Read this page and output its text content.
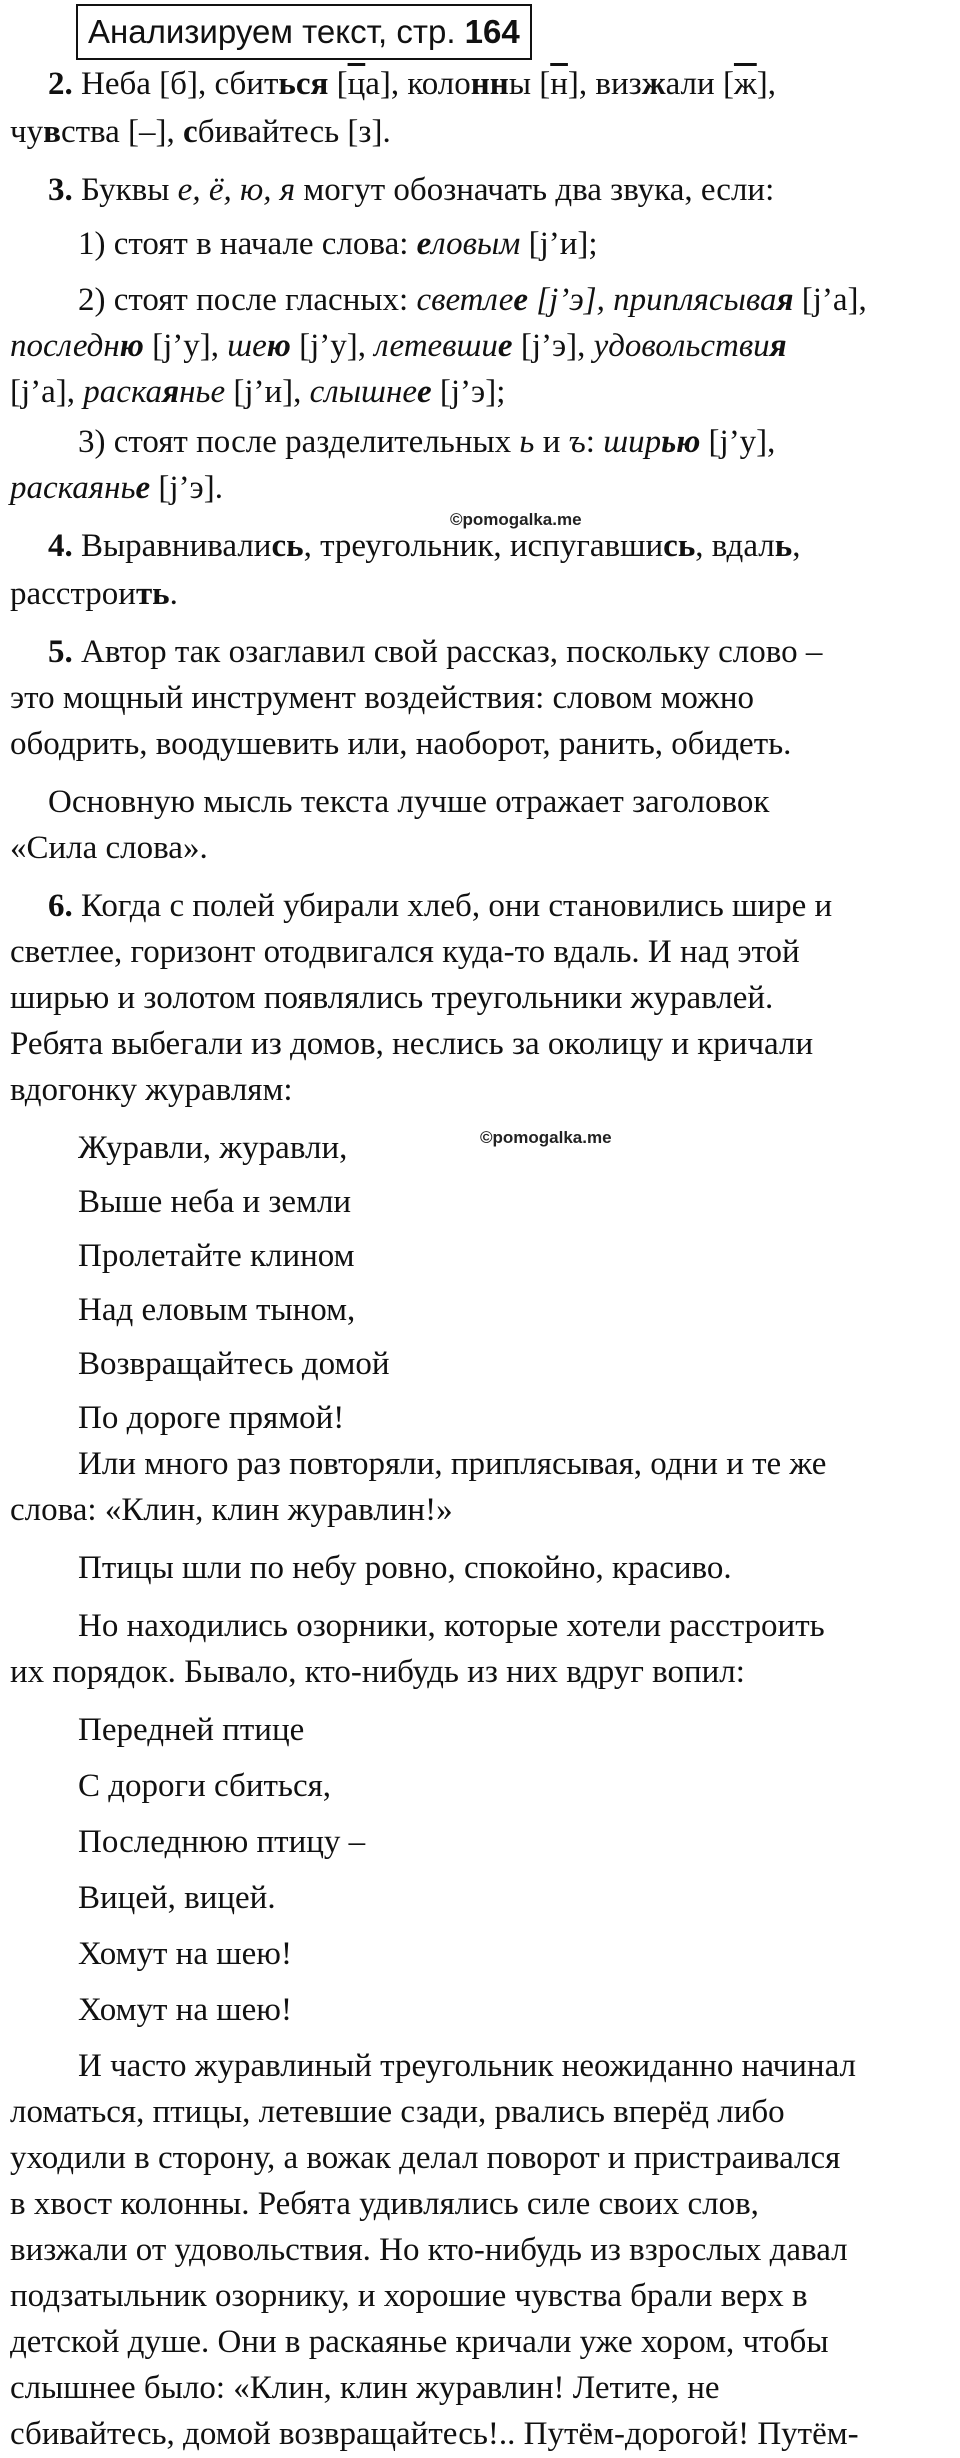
Анализируем текст, стр. 164
2. Неба [б], сбиться [ца], колонны [н], визжали [ж],
чувства [–], сбивайтесь [з].
3. Буквы е, ё, ю, я могут обозначать два звука, если:
1) стоят в начале слова: еловым [j’и];
2) стоят после гласных: светлее [j’э], приплясывая [j’а],
последню [j’у], шею [j’у], летевшие [j’э], удовольствия
[j’а], раскаянье [j’и], слышнее [j’э];
3) стоят после разделительных ь и ъ: ширью [j’у],
раскаянье [j’э].
©pomogalka.me
4. Выравнивались, треугольник, испугавшись, вдаль,
расстроить.
5. Автор так озаглавил свой рассказ, поскольку слово –
это мощный инструмент воздействия: словом можно
ободрить, воодушевить или, наоборот, ранить, обидеть.
Основную мысль текста лучше отражает заголовок
«Сила слова».
6. Когда с полей убирали хлеб, они становились шире и
светлее, горизонт отодвигался куда-то вдаль. И над этой
ширью и золотом появлялись треугольники журавлей.
Ребята выбегали из домов, неслись за околицу и кричали
вдогонку журавлям:
Журавли, журавли,	©pomogalka.me
Выше неба и земли
Пролетайте клином
Над еловым тыном,
Возвращайтесь домой
По дороге прямой!
Или много раз повторяли, приплясывая, одни и те же
слова: «Клин, клин журавлин!»
Птицы шли по небу ровно, спокойно, красиво.
Но находились озорники, которые хотели расстроить
их порядок. Бывало, кто-нибудь из них вдруг вопил:
Передней птице
С дороги сбиться,
Последнюю птицу –
Вицей, вицей.
Хомут на шею!
Хомут на шею!
И часто журавлиный треугольник неожиданно начинал
ломаться, птицы, летевшие сзади, рвались вперёд либо
уходили в сторону, а вожак делал поворот и пристраивался
в хвост колонны. Ребята удивлялись силе своих слов,
визжали от удовольствия. Но кто-нибудь из взрослых давал
подзатыльник озорнику, и хорошие чувства брали верх в
детской душе. Они в раскаянье кричали уже хором, чтобы
слышнее было: «Клин, клин журавлин! Летите, не
сбивайтесь, домой возвращайтесь!.. Путём-дорогой! Путём-
